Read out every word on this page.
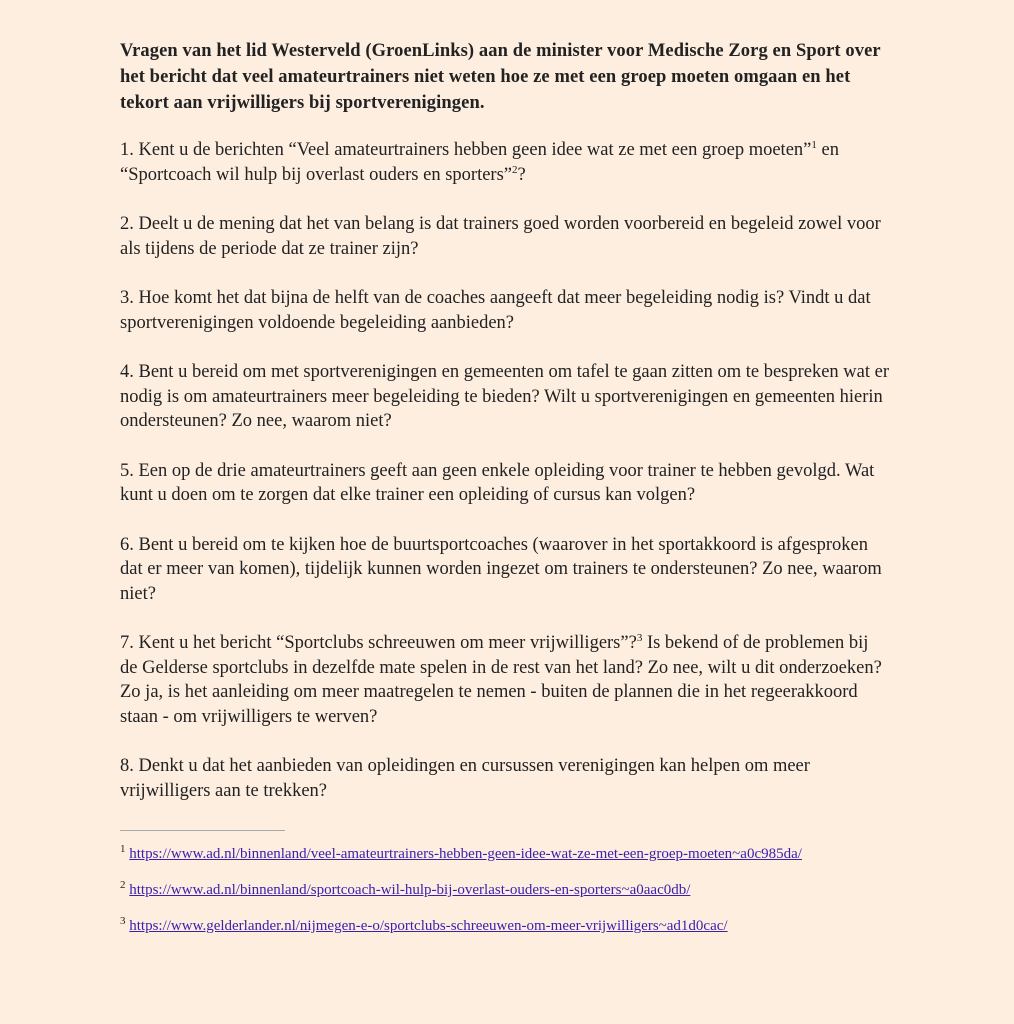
Vragen van het lid Westerveld (GroenLinks) aan de minister voor Medische Zorg en Sport over het bericht dat veel amateurtrainers niet weten hoe ze met een groep moeten omgaan en het tekort aan vrijwilligers bij sportverenigingen.

1. Kent u de berichten “Veel amateurtrainers hebben geen idee wat ze met een groep moeten”$^1$ en “Sportcoach wil hulp bij overlast ouders en sporters”$^2$?

2. Deelt u de mening dat het van belang is dat trainers goed worden voorbereid en begeleid zowel voor als tijdens de periode dat ze trainer zijn?

3. Hoe komt het dat bijna de helft van de coaches aangeeft dat meer begeleiding nodig is? Vindt u dat sportverenigingen voldoende begeleiding aanbieden?

4. Bent u bereid om met sportverenigingen en gemeenten om tafel te gaan zitten om te bespreken wat er nodig is om amateurtrainers meer begeleiding te bieden? Wilt u sportverenigingen en gemeenten hierin ondersteunen? Zo nee, waarom niet?

5. Een op de drie amateurtrainers geeft aan geen enkele opleiding voor trainer te hebben gevolgd. Wat kunt u doen om te zorgen dat elke trainer een opleiding of cursus kan volgen?

6. Bent u bereid om te kijken hoe de buurtsportcoaches (waarover in het sportakkoord is afgesproken dat er meer van komen), tijdelijk kunnen worden ingezet om trainers te ondersteunen? Zo nee, waarom niet?

7. Kent u het bericht “Sportclubs schreeuwen om meer vrijwilligers”?$^3$ Is bekend of de problemen bij de Gelderse sportclubs in dezelfde mate spelen in de rest van het land? Zo nee, wilt u dit onderzoeken? Zo ja, is het aanleiding om meer maatregelen te nemen - buiten de plannen die in het regeerakkoord staan - om vrijwilligers te werven?

8. Denkt u dat het aanbieden van opleidingen en cursussen verenigingen kan helpen om meer vrijwilligers aan te trekken?

$^1$ https://www.ad.nl/binnenland/veel-amateurtrainers-hebben-geen-idee-wat-ze-met-een-groep-moeten~a0c985da/

$^2$ https://www.ad.nl/binnenland/sportcoach-wil-hulp-bij-overlast-ouders-en-sporters~a0aac0db/

$^3$ https://www.gelderlander.nl/nijmegen-e-o/sportclubs-schreeuwen-om-meer-vrijwilligers~ad1d0cac/
